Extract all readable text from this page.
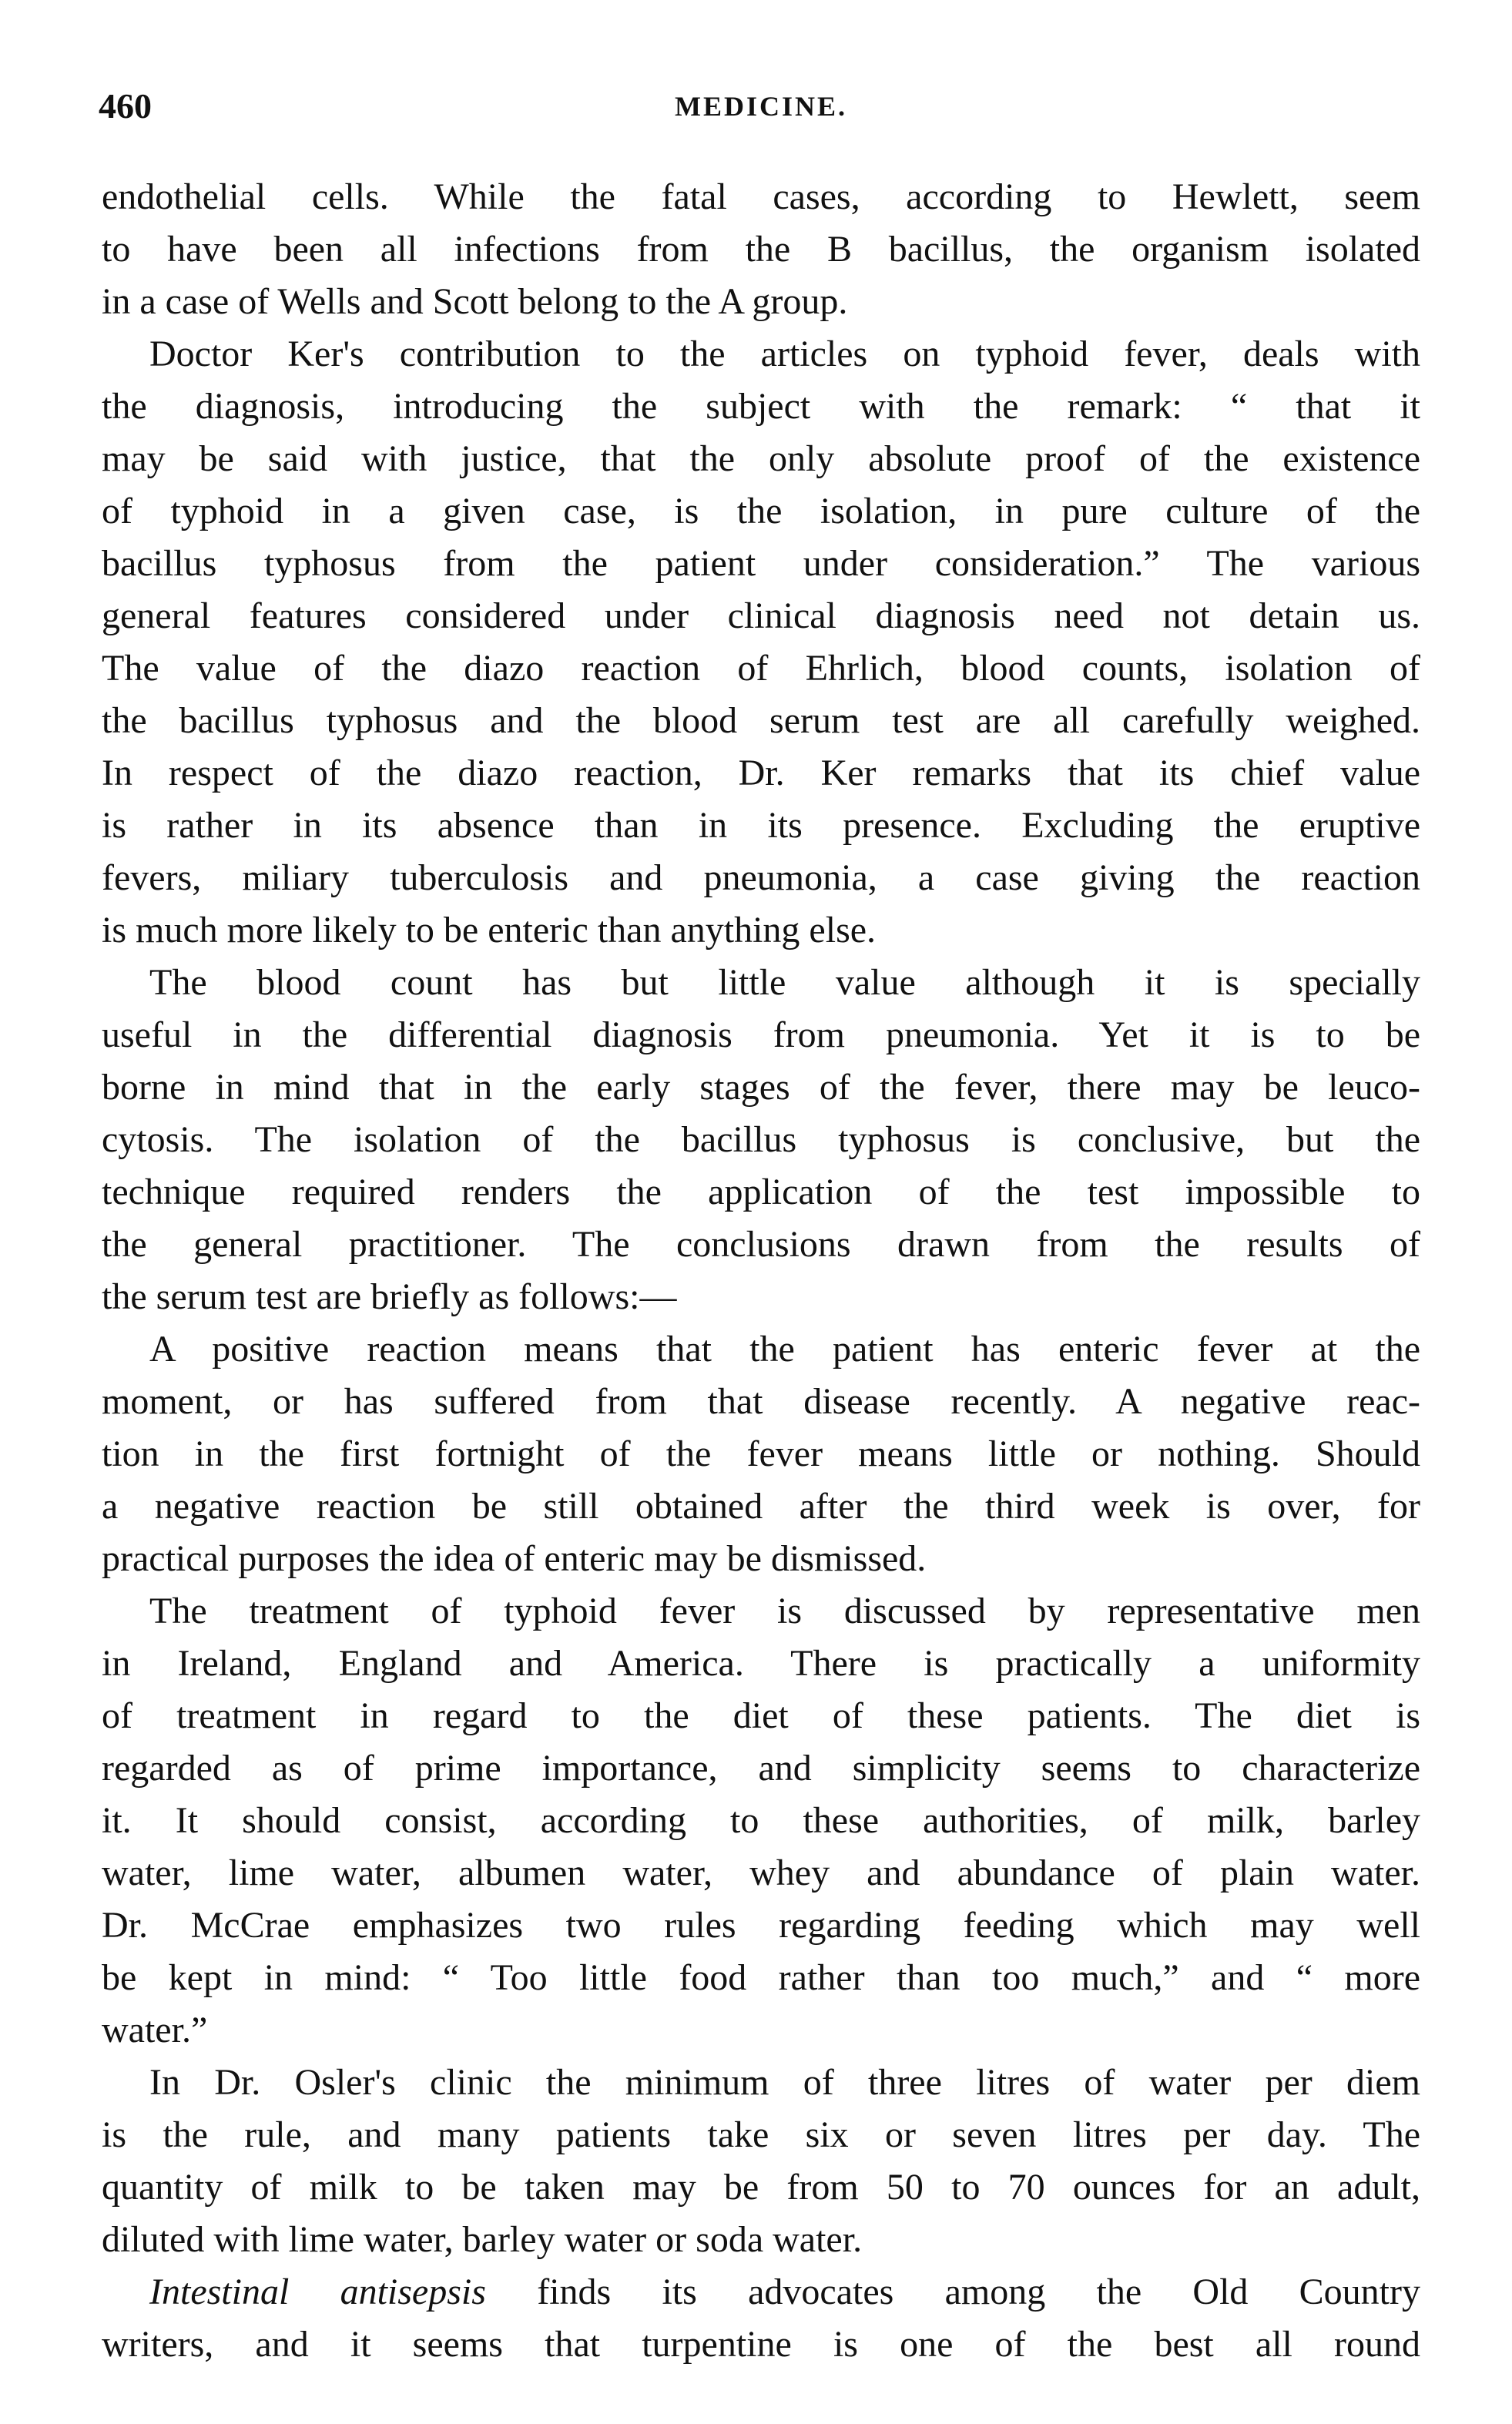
460	MEDICINE.
endothelial cells. While the fatal cases, according to Hewlett, seem
to have been all infections from the B bacillus, the organism isolated
in a case of Wells and Scott belong to the A group.
Doctor Ker's contribution to the articles on typhoid fever, deals with
the diagnosis, introducing the subject with the remark: “ that it
may be said with justice, that the only absolute proof of the existence
of typhoid in a given case, is the isolation, in pure culture of the
bacillus typhosus from the patient under consideration.” The various
general features considered under clinical diagnosis need not detain us.
The value of the diazo reaction of Ehrlich, blood counts, isolation of
the bacillus typhosus and the blood serum test are all carefully weighed.
In respect of the diazo reaction, Dr. Ker remarks that its chief value
is rather in its absence than in its presence. Excluding the eruptive
fevers, miliary tuberculosis and pneumonia, a case giving the reaction
is much more likely to be enteric than anything else.
The blood count has but little value although it is specially
useful in the differential diagnosis from pneumonia. Yet it is to be
borne in mind that in the early stages of the fever, there may be leuco-
cytosis. The isolation of the bacillus typhosus is conclusive, but the
technique required renders the application of the test impossible to
the general practitioner. The conclusions drawn from the results of
the serum test are briefly as follows:—
A positive reaction means that the patient has enteric fever at the
moment, or has suffered from that disease recently. A negative reac-
tion in the first fortnight of the fever means little or nothing. Should
a negative reaction be still obtained after the third week is over, for
practical purposes the idea of enteric may be dismissed.
The treatment of typhoid fever is discussed by representative men
in Ireland, England and America. There is practically a uniformity
of treatment in regard to the diet of these patients. The diet is
regarded as of prime importance, and simplicity seems to characterize
it. It should consist, according to these authorities, of milk, barley
water, lime water, albumen water, whey and abundance of plain water.
Dr. McCrae emphasizes two rules regarding feeding which may well
be kept in mind: “ Too little food rather than too much,” and “ more
water.”
In Dr. Osler's clinic the minimum of three litres of water per diem
is the rule, and many patients take six or seven litres per day. The
quantity of milk to be taken may be from 50 to 70 ounces for an adult,
diluted with lime water, barley water or soda water.
Intestinal antisepsis finds its advocates among the Old Country
writers, and it seems that turpentine is one of the best all round
